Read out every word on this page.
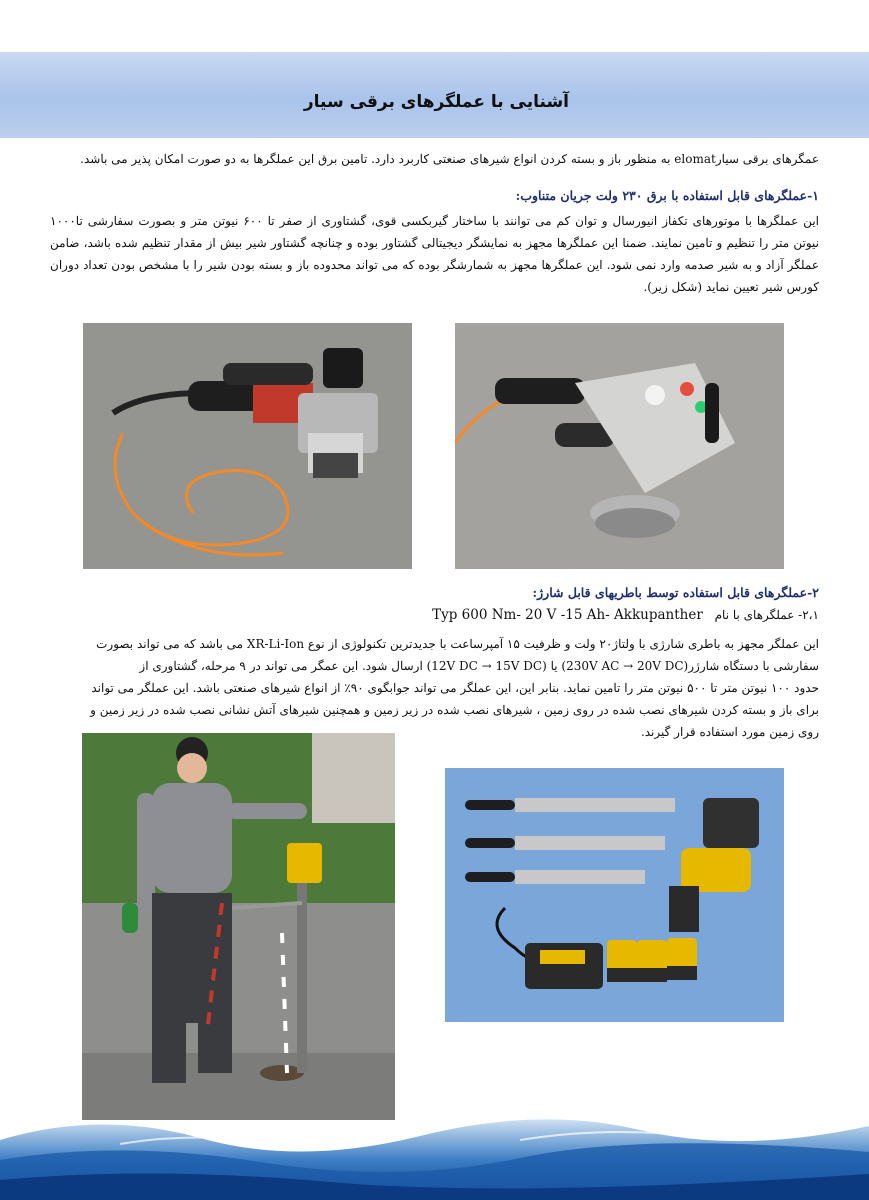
آشنایی با عملگرهای برقی سیار
عمگرهای برقی سیارelomat به منظور باز و بسته کردن انواع شیرهای صنعتی کاربرد دارد. تامین برق این عملگرها به دو صورت امکان پذیر می باشد.
۱-عملگرهای قابل استفاده با برق ۲۳۰ ولت جریان متناوب:
این عملگرها با موتورهای تکفاز انیورسال و توان کم می توانند با ساختار گیربکسی قوی، گشتاوری از صفر تا ۶۰۰ نیوتن متر و بصورت سفارشی تا۱۰۰۰ نیوتن متر را تنظیم و تامین نمایند. ضمنا این عملگرها مجهز به نمایشگر دیجیتالی گشتاور بوده و چنانچه گشتاور شیر بیش از مقدار تنظیم شده باشد، ضامن عملگر آزاد و به شیر صدمه وارد نمی شود. این عملگرها مجهز به شمارشگر بوده که می تواند محدوده باز و بسته بودن شیر را با مشخص بودن تعداد دوران کورس شیر تعیین نماید (شکل زیر).
۲-عملگرهای قابل استفاده توسط باطریهای قابل شارژ:
۲،۱- عملگرهای با نام Typ 600 Nm- 20 V -15 Ah- Akkupanther
این عملگر مجهز به باطری شارژی با ولتاژ۲۰ ولت و ظرفیت ۱۵ آمپرساعت با جدیدترین تکنولوژی از نوع XR-Li-Ion می باشد که می تواند بصورت
سفارشی با دستگاه شارژر(230V AC → 20V DC) یا (12V DC → 15V DC) ارسال شود. این عمگر می تواند در ۹ مرحله، گشتاوری از
حدود ۱۰۰ نیوتن متر تا ۵۰۰ نیوتن متر را تامین نماید. بنابر این، این عملگر می تواند جوابگوی ۹۰٪ از انواع شیرهای صنعتی باشد. این عملگر می تواند
برای باز و بسته کردن شیرهای نصب شده در روی زمین ، شیرهای نصب شده در زیر زمین و همچنین شیرهای آتش نشانی نصب شده در زیر زمین و
روی زمین مورد استفاده قرار گیرند.
